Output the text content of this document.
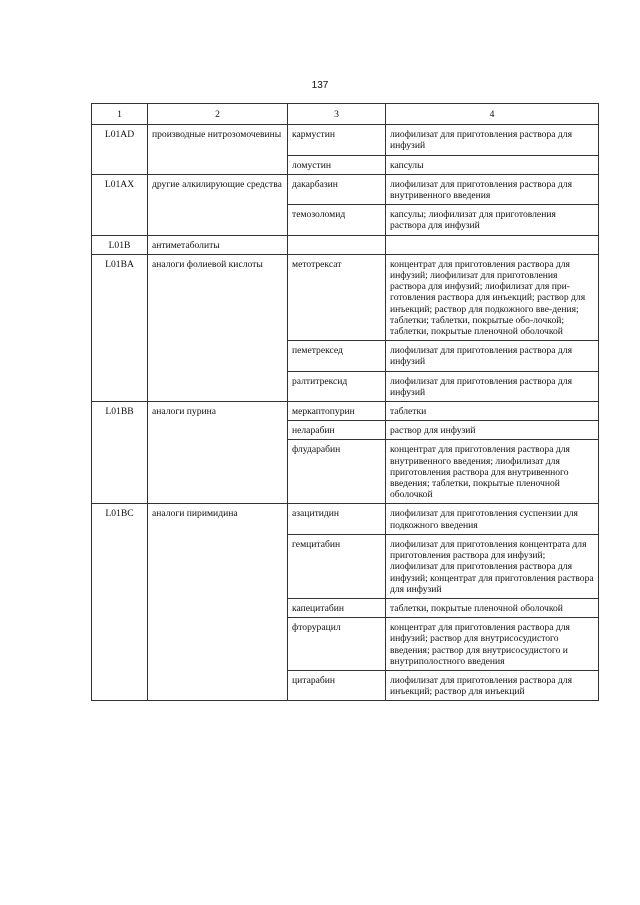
137
1	2	3	4
L01AD	производные нитрозомочевины	кармустин	лиофилизат для приготовления раствора для инфузий
		ломустин	капсулы
L01AX	другие алкилирующие средства	дакарбазин	лиофилизат для приготовления раствора для внутривенного введения
		темозоломид	капсулы; лиофилизат для приготовления раствора для инфузий
L01B	антиметаболиты		
L01BA	аналоги фолиевой кислоты	метотрексат	концентрат для приготовления раствора для инфузий; лиофилизат для приготовления раствора для инфузий; лиофилизат для при-готовления раствора для инъекций; раствор для инъекций; раствор для подкожного вве-дения; таблетки; таблетки, покрытые обо-лочкой; таблетки, покрытые пленочной оболочкой
		пеметрексед	лиофилизат для приготовления раствора для инфузий
		ралтитрексид	лиофилизат для приготовления раствора для инфузий
L01BB	аналоги пурина	меркаптопурин	таблетки
		неларабин	раствор для инфузий
		флударабин	концентрат для приготовления раствора для внутривенного введения; лиофилизат для приготовления раствора для внутривенного введения; таблетки, покрытые пленочной оболочкой
L01BC	аналоги пиримидина	азацитидин	лиофилизат для приготовления суспензии для подкожного введения
		гемцитабин	лиофилизат для приготовления концентрата для приготовления раствора для инфузий; лиофилизат для приготовления раствора для инфузий; концентрат для приготовления раствора для инфузий
		капецитабин	таблетки, покрытые пленочной оболочкой
		фторурацил	концентрат для приготовления раствора для инфузий; раствор для внутрисосудистого введения; раствор для внутрисосудистого и внутриполостного введения
		цитарабин	лиофилизат для приготовления раствора для инъекций; раствор для инъекций
